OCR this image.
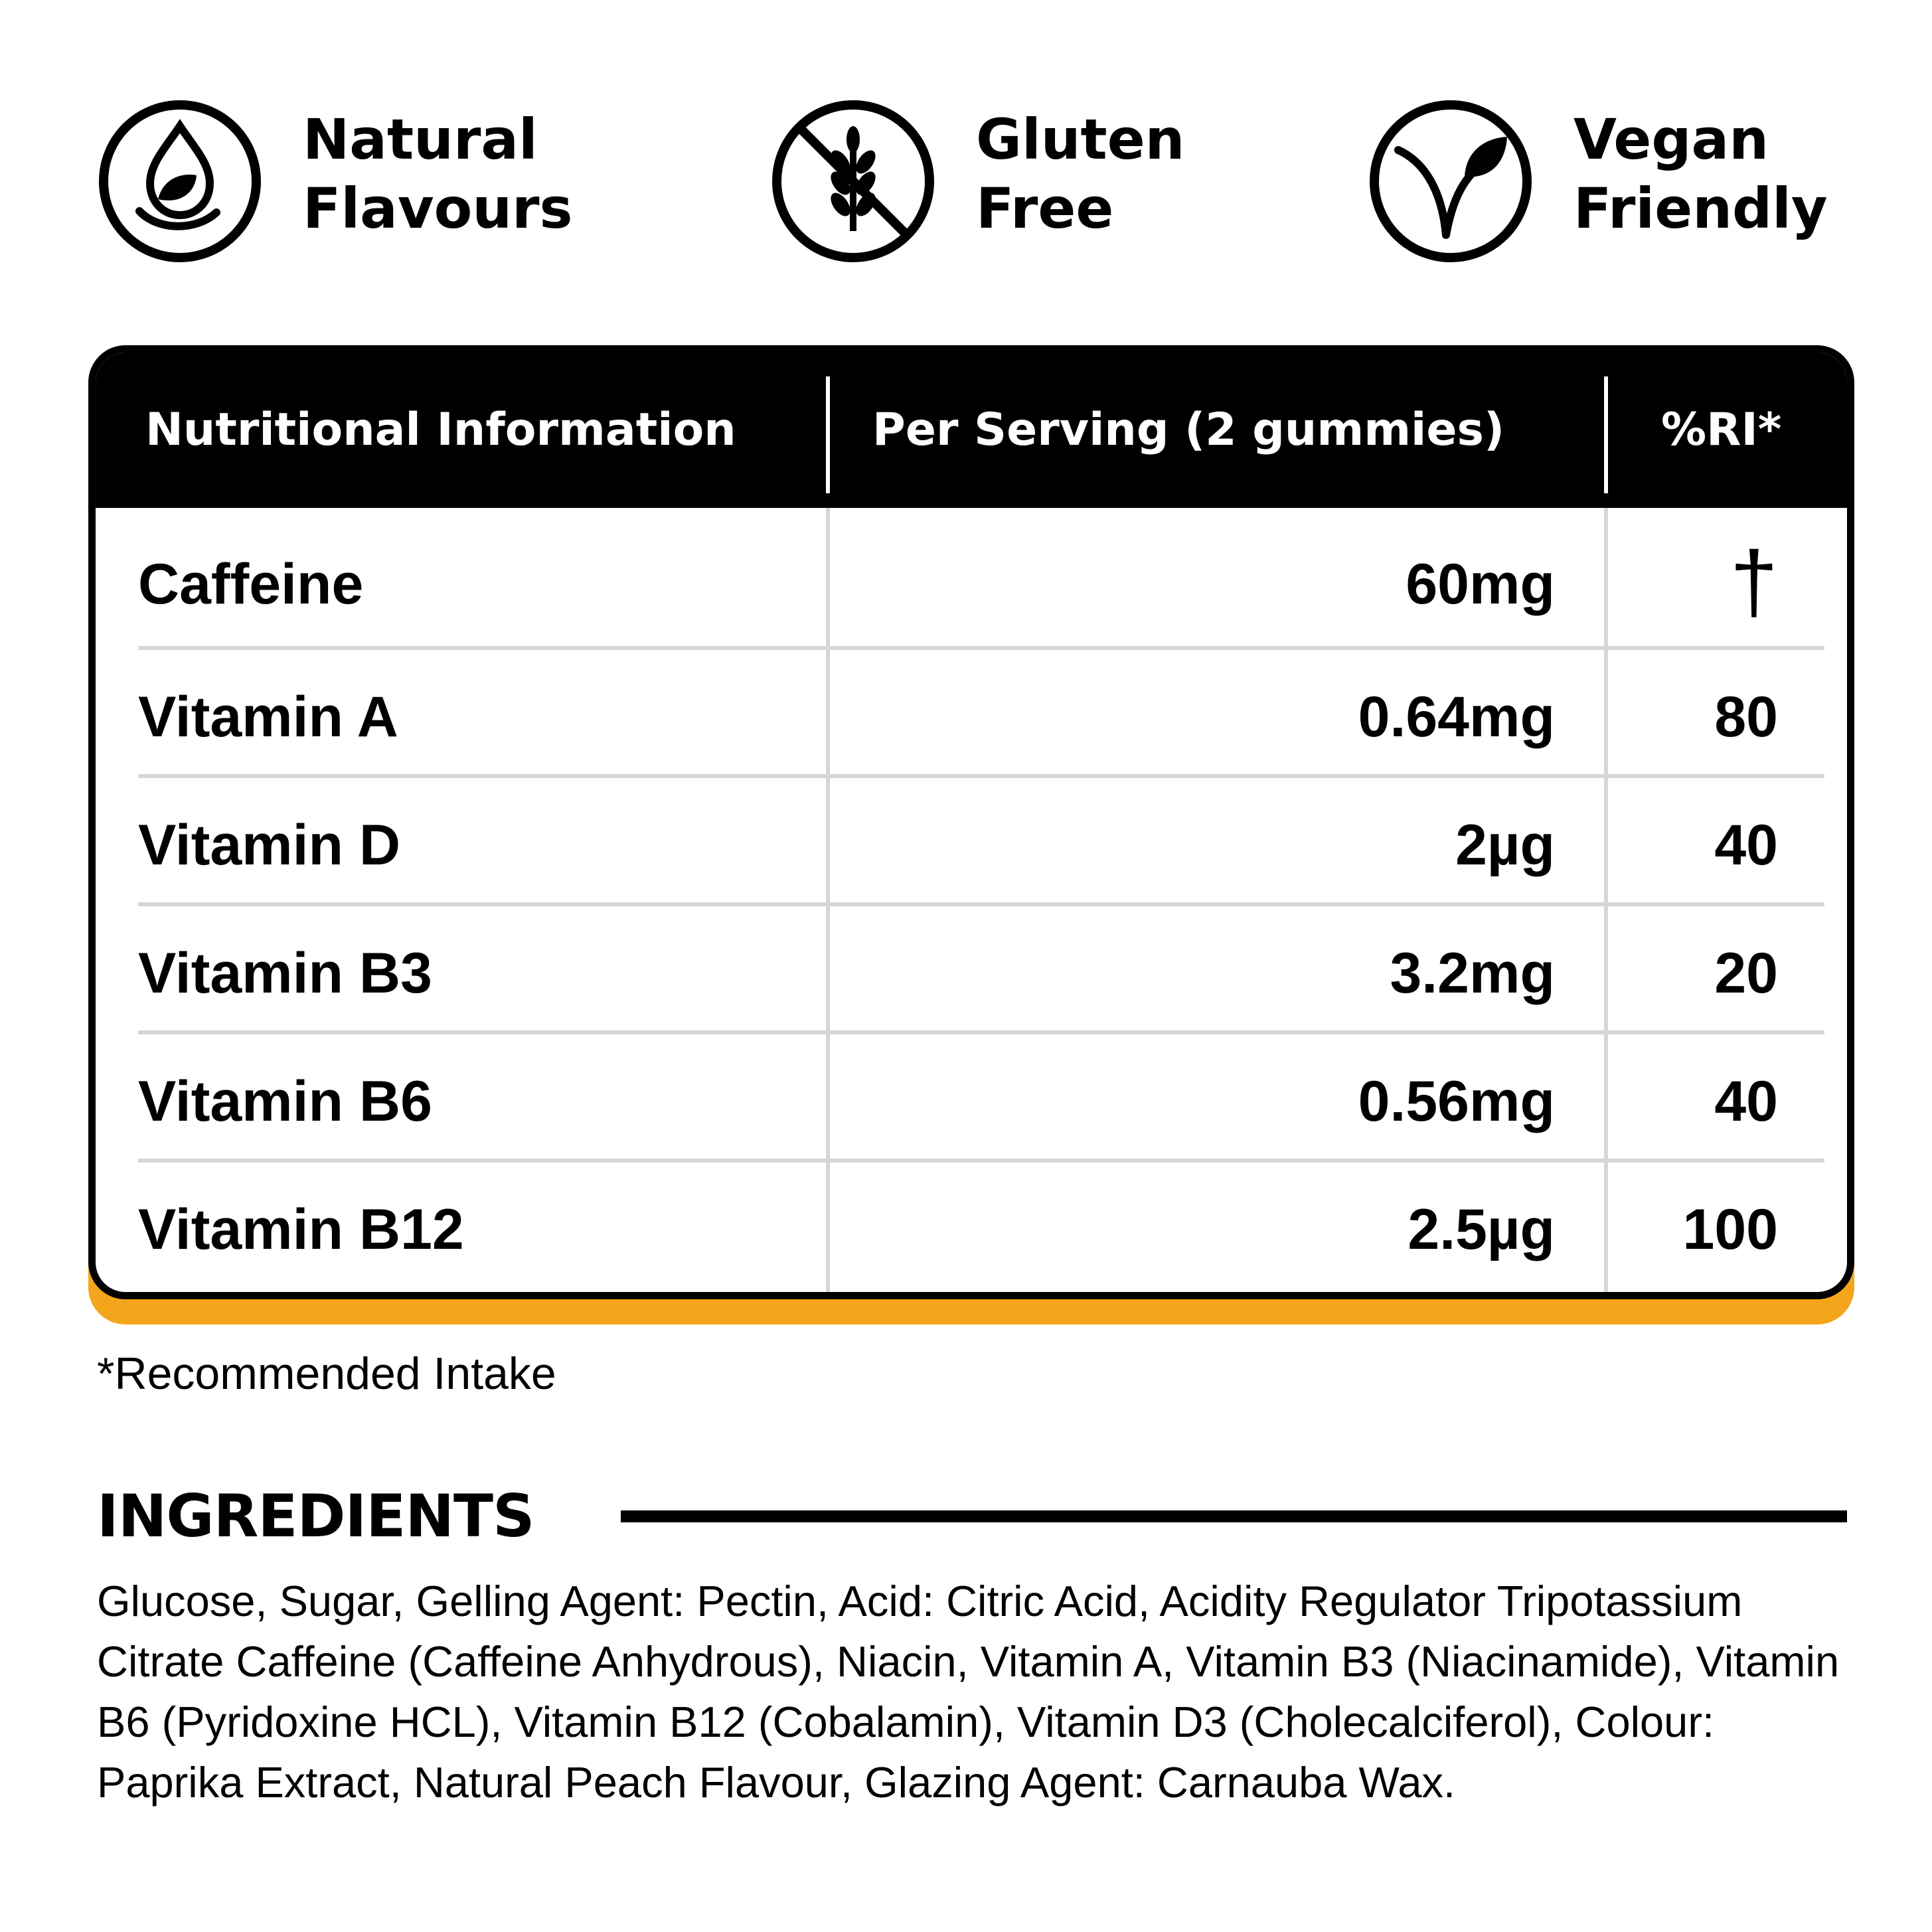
Natural
Flavours
Gluten
Free
Vegan
Friendly
Nutritional Information	Per Serving (2 gummies)	%RI*
Caffeine	60mg †
Vitamin A	0.64mg	80
Vitamin D	2µg	40
Vitamin B3	3.2mg	20
Vitamin B6	0.56mg	40
Vitamin B12	2.5µg 100
*Recommended Intake
INGREDIENTS
Glucose, Sugar, Gelling Agent: Pectin, Acid: Citric Acid, Acidity Regulator Tripotassium Citrate Caffeine (Caffeine Anhydrous), Niacin, Vitamin A, Vitamin B3 (Niacinamide), Vitamin B6 (Pyridoxine HCL), Vitamin B12 (Cobalamin), Vitamin D3 (Cholecalciferol), Colour: Paprika Extract, Natural Peach Flavour, Glazing Agent: Carnauba Wax.
